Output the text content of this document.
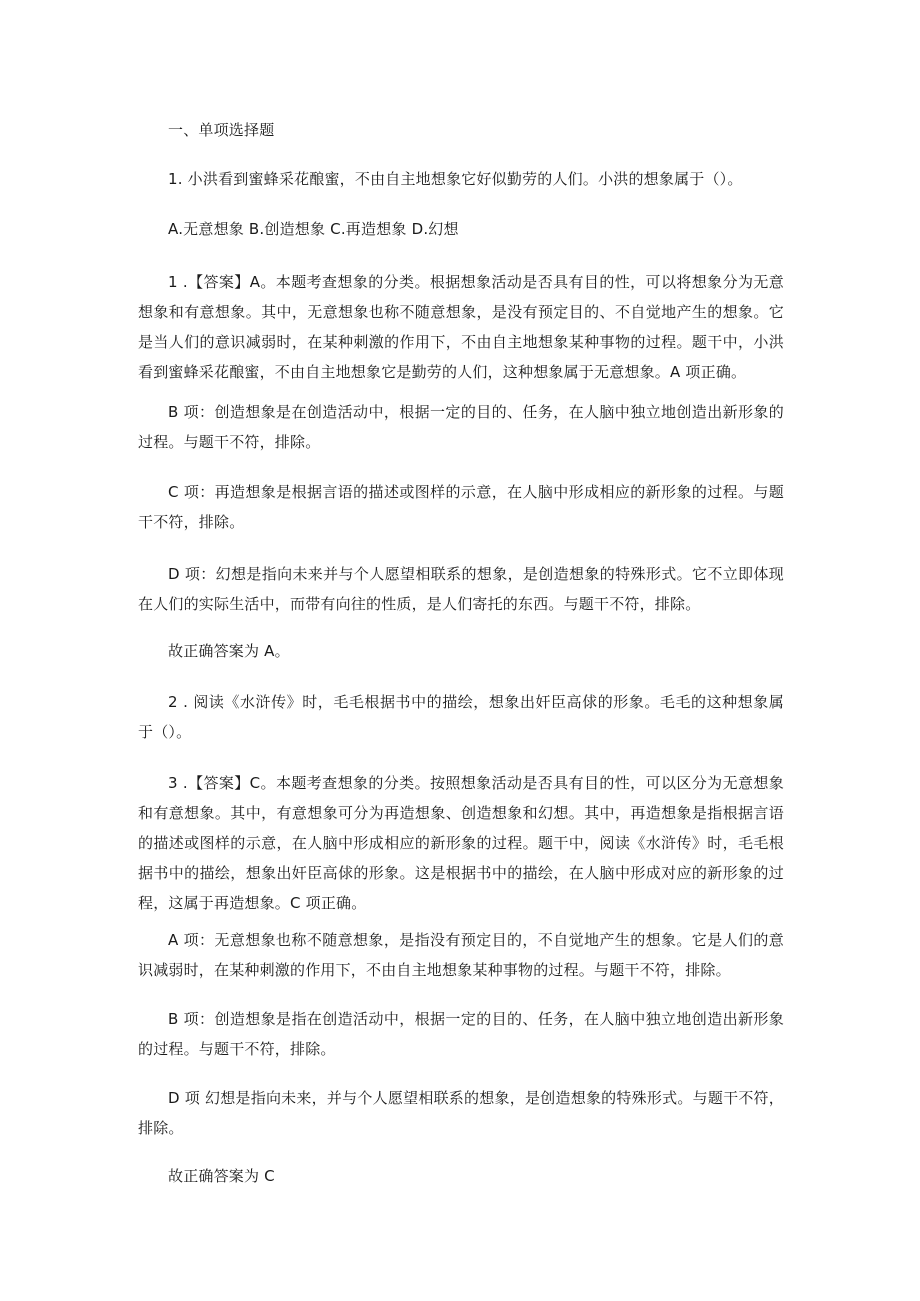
一、单项选择题

1. 小洪看到蜜蜂采花酿蜜，不由自主地想象它好似勤劳的人们。小洪的想象属于（）。

A.无意想象 B.创造想象 C.再造想象 D.幻想

1 .【答案】A。本题考查想象的分类。根据想象活动是否具有目的性，可以将想象分为无意想象和有意想象。其中，无意想象也称不随意想象，是没有预定目的、不自觉地产生的想象。它是当人们的意识减弱时，在某种刺激的作用下，不由自主地想象某种事物的过程。题干中，小洪看到蜜蜂采花酿蜜，不由自主地想象它是勤劳的人们，这种想象属于无意想象。A 项正确。

B 项：创造想象是在创造活动中，根据一定的目的、任务，在人脑中独立地创造出新形象的过程。与题干不符，排除。

C 项：再造想象是根据言语的描述或图样的示意，在人脑中形成相应的新形象的过程。与题干不符，排除。

D 项：幻想是指向未来并与个人愿望相联系的想象，是创造想象的特殊形式。它不立即体现在人们的实际生活中，而带有向往的性质，是人们寄托的东西。与题干不符，排除。

故正确答案为 A。

2 . 阅读《水浒传》时，毛毛根据书中的描绘，想象出奸臣高俅的形象。毛毛的这种想象属于（）。

3 .【答案】C。本题考查想象的分类。按照想象活动是否具有目的性，可以区分为无意想象和有意想象。其中，有意想象可分为再造想象、创造想象和幻想。其中，再造想象是指根据言语的描述或图样的示意，在人脑中形成相应的新形象的过程。题干中，阅读《水浒传》时，毛毛根据书中的描绘，想象出奸臣高俅的形象。这是根据书中的描绘，在人脑中形成对应的新形象的过程，这属于再造想象。C 项正确。

A 项：无意想象也称不随意想象，是指没有预定目的，不自觉地产生的想象。它是人们的意识减弱时，在某种刺激的作用下，不由自主地想象某种事物的过程。与题干不符，排除。

B 项：创造想象是指在创造活动中，根据一定的目的、任务，在人脑中独立地创造出新形象的过程。与题干不符，排除。

D 项 幻想是指向未来，并与个人愿望相联系的想象，是创造想象的特殊形式。与题干不符，排除。

故正确答案为 C
